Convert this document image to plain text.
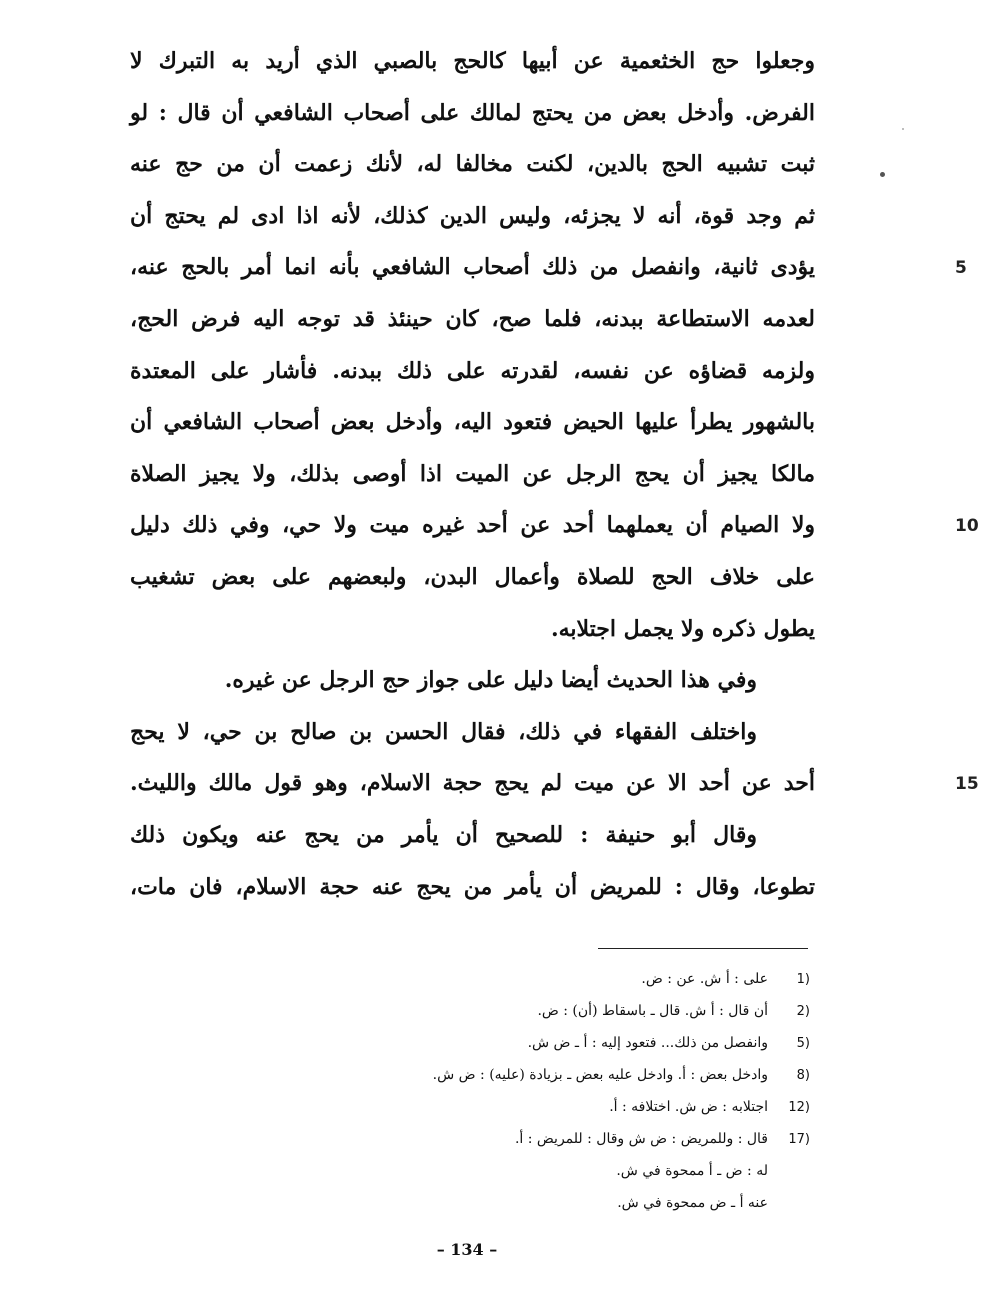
وجعلوا حج الخثعمية عن أبيها كالحج بالصبي الذي أريد به التبرك لا
الفرض. وأدخل بعض من يحتج لمالك على أصحاب الشافعي أن قال : لو
ثبت تشبيه الحج بالدين، لكنت مخالفا له، لأنك زعمت أن من حج عنه
ثم وجد قوة، أنه لا يجزئه، وليس الدين كذلك، لأنه اذا ادى لم يحتج أن
يؤدى ثانية، وانفصل من ذلك أصحاب الشافعي بأنه انما أمر بالحج عنه،	5
لعدمه الاستطاعة ببدنه، فلما صح، كان حينئذ قد توجه اليه فرض الحج،
ولزمه قضاؤه عن نفسه، لقدرته على ذلك ببدنه. فأشار على المعتدة
بالشهور يطرأ عليها الحيض فتعود اليه، وأدخل بعض أصحاب الشافعي أن
مالكا يجيز أن يحج الرجل عن الميت اذا أوصى بذلك، ولا يجيز الصلاة
ولا الصيام أن يعملهما أحد عن أحد غيره ميت ولا حي، وفي ذلك دليل	10
على خلاف الحج للصلاة وأعمال البدن، ولبعضهم على بعض تشغيب
يطول ذكره ولا يجمل اجتلابه.
وفي هذا الحديث أيضا دليل على جواز حج الرجل عن غيره.
واختلف الفقهاء في ذلك، فقال الحسن بن صالح بن حي، لا يحج
أحد عن أحد الا عن ميت لم يحج حجة الاسلام، وهو قول مالك والليث.	15
وقال أبو حنيفة : للصحيح أن يأمر من يحج عنه ويكون ذلك
تطوعا، وقال : للمريض أن يأمر من يحج عنه حجة الاسلام، فان مات،
1)على : أ ش. عن : ض.
2)أن قال : أ ش. قال ـ باسقاط (أن) : ض.
5)وانفصل من ذلك... فتعود إليه : أ ـ ض ش.
8)وادخل بعض : أ. وادخل عليه بعض ـ بزيادة (عليه) : ض ش.
12)اجتلابه : ض ش. اختلافه : أ.
17)قال : وللمريض : ض ش وقال : للمريض : أ.
له : ض ـ أ ممحوة في ش.
عنه أ ـ ض ممحوة في ش.
– 134 –
